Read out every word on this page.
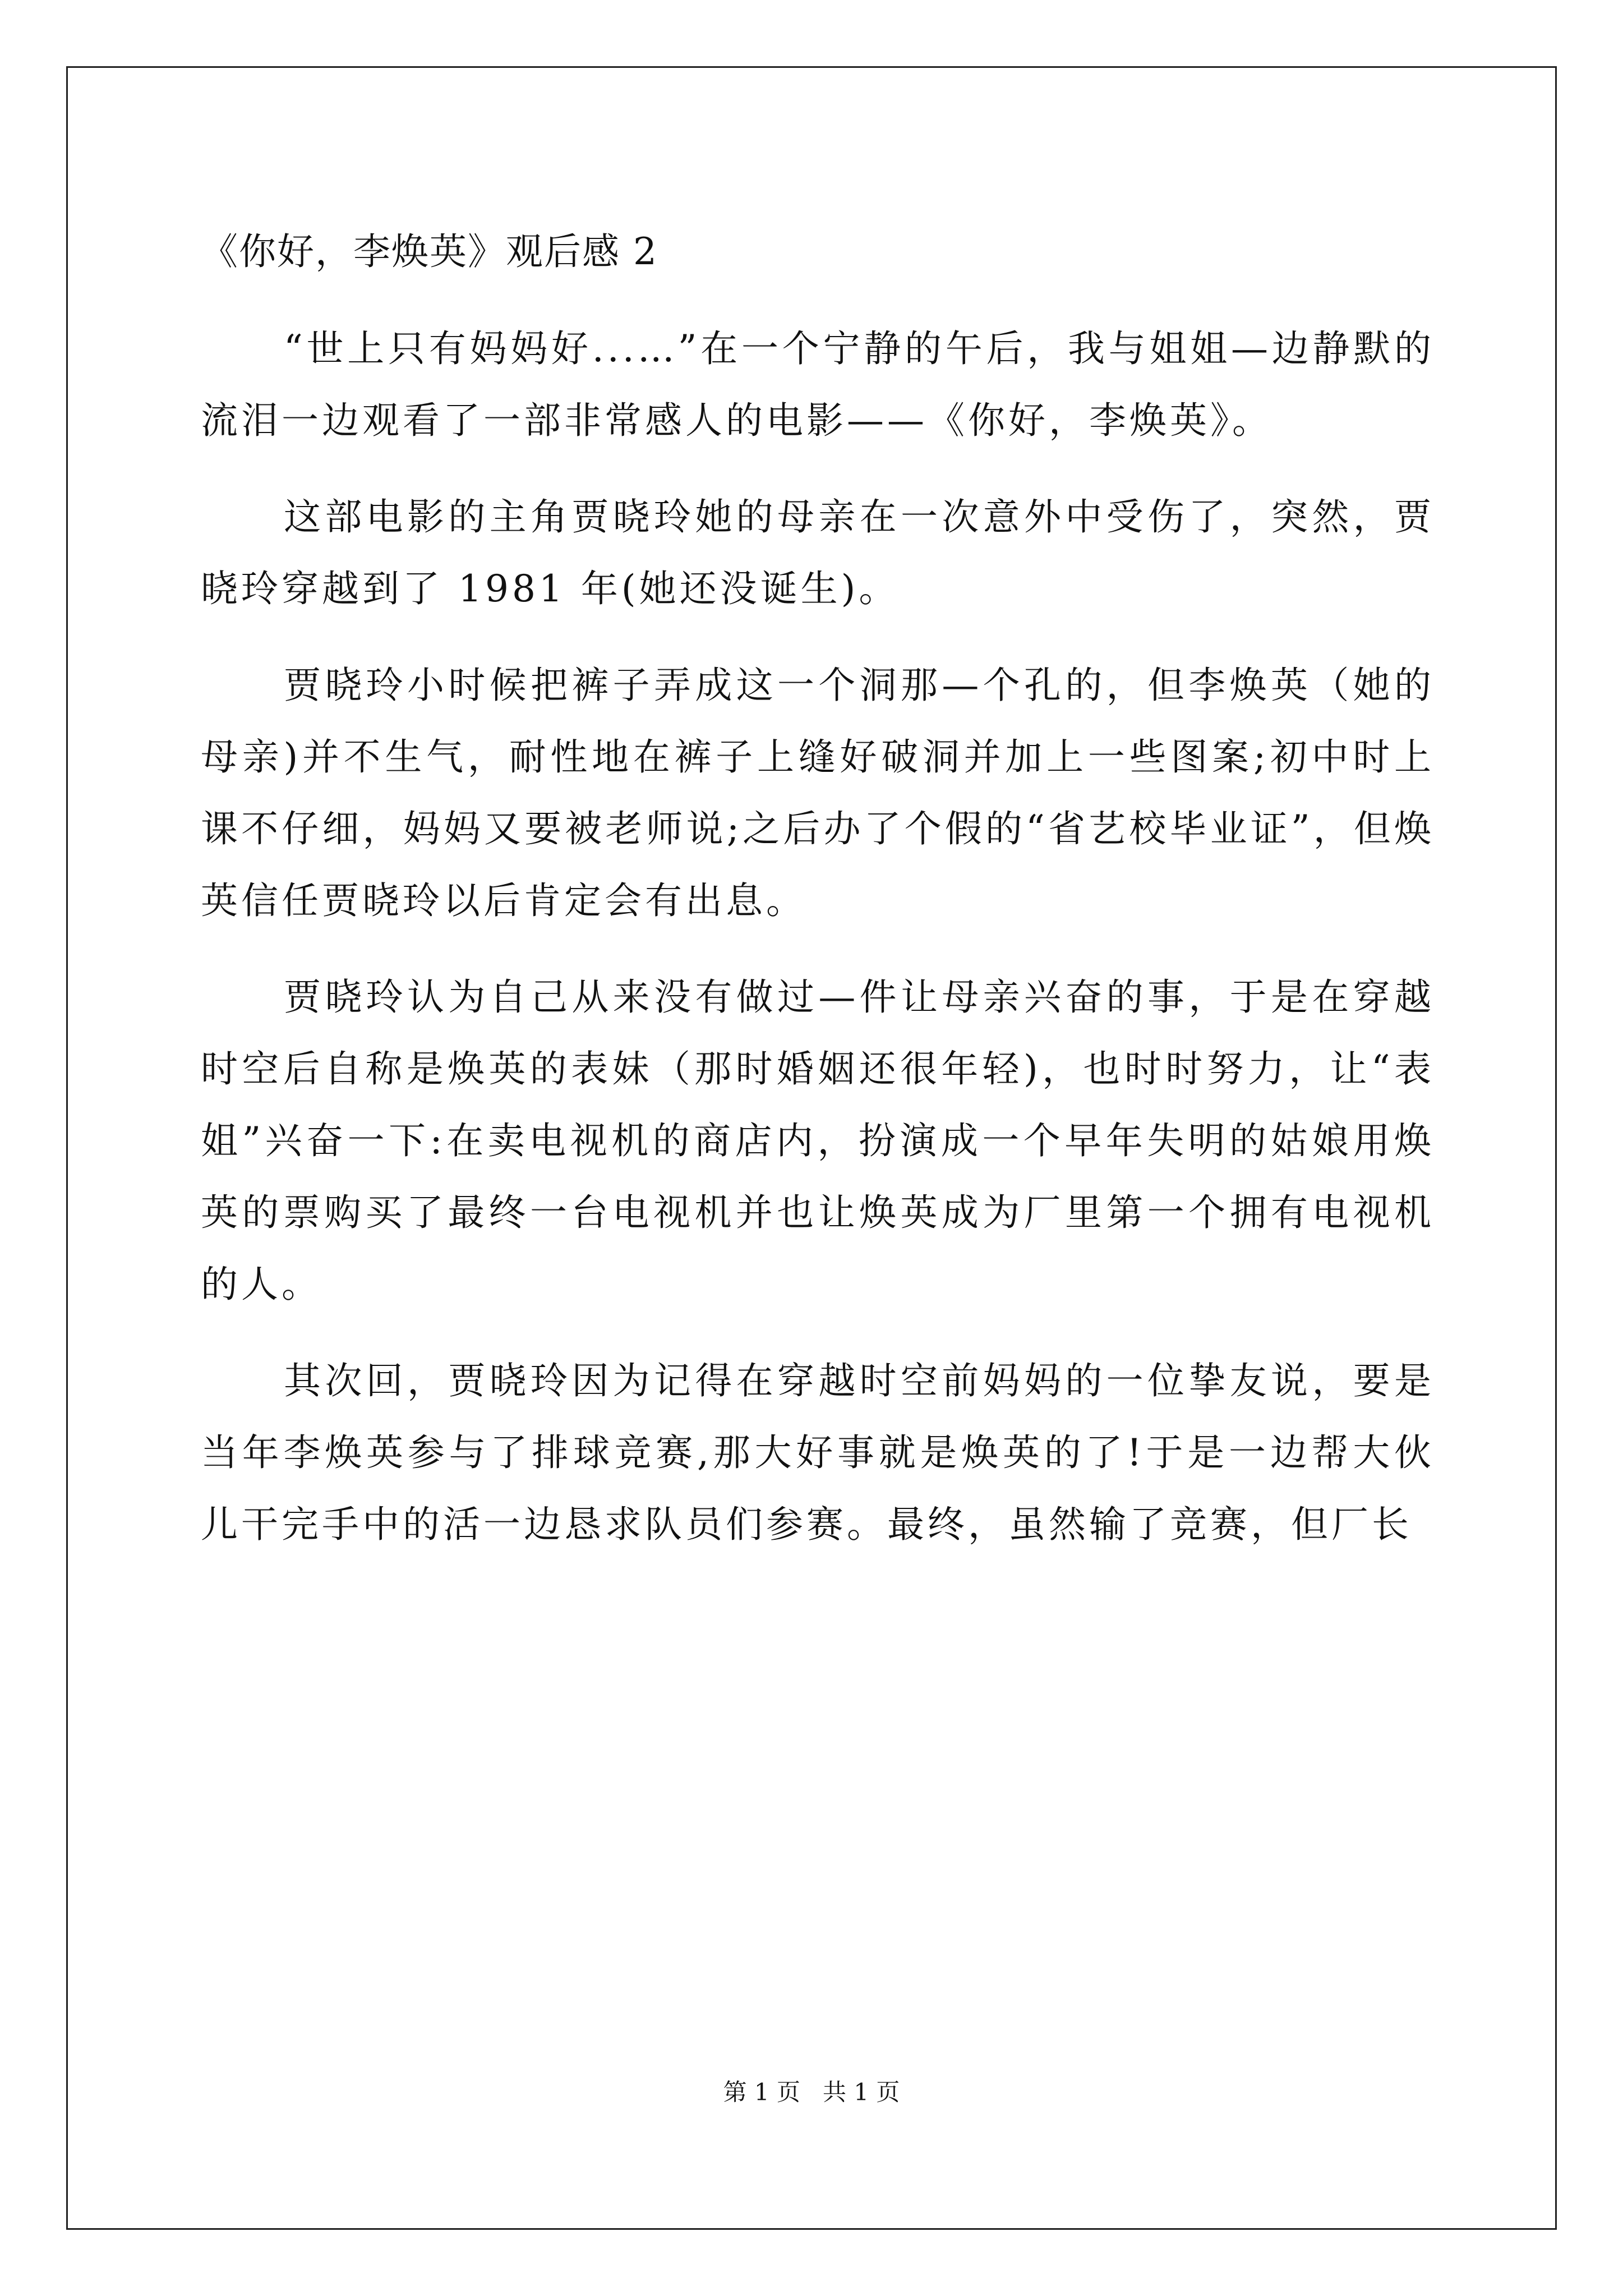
《你好，李焕英》观后感 2

“世上只有妈妈好...…”在一个宁静的午后，我与姐姐—边静默的流泪一边观看了一部非常感人的电影——《你好，李焕英》。

这部电影的主角贾晓玲她的母亲在一次意外中受伤了，突然，贾晓玲穿越到了 1981 年(她还没诞生)。

贾晓玲小时候把裤子弄成这一个洞那—个孔的，但李焕英（她的母亲)并不生气，耐性地在裤子上缝好破洞并加上一些图案;初中时上课不仔细，妈妈又要被老师说;之后办了个假的“省艺校毕业证”，但焕英信任贾晓玲以后肯定会有出息。

贾晓玲认为自己从来没有做过—件让母亲兴奋的事，于是在穿越时空后自称是焕英的表妹（那时婚姻还很年轻)，也时时努力，让“表姐”兴奋一下:在卖电视机的商店内，扮演成一个早年失明的姑娘用焕英的票购买了最终一台电视机并也让焕英成为厂里第一个拥有电视机的人。

其次回，贾晓玲因为记得在穿越时空前妈妈的一位挚友说，要是当年李焕英参与了排球竞赛,那大好事就是焕英的了!于是一边帮大伙儿干完手中的活一边恳求队员们参赛。最终，虽然输了竞赛，但厂长

第 1 页 共 1 页
